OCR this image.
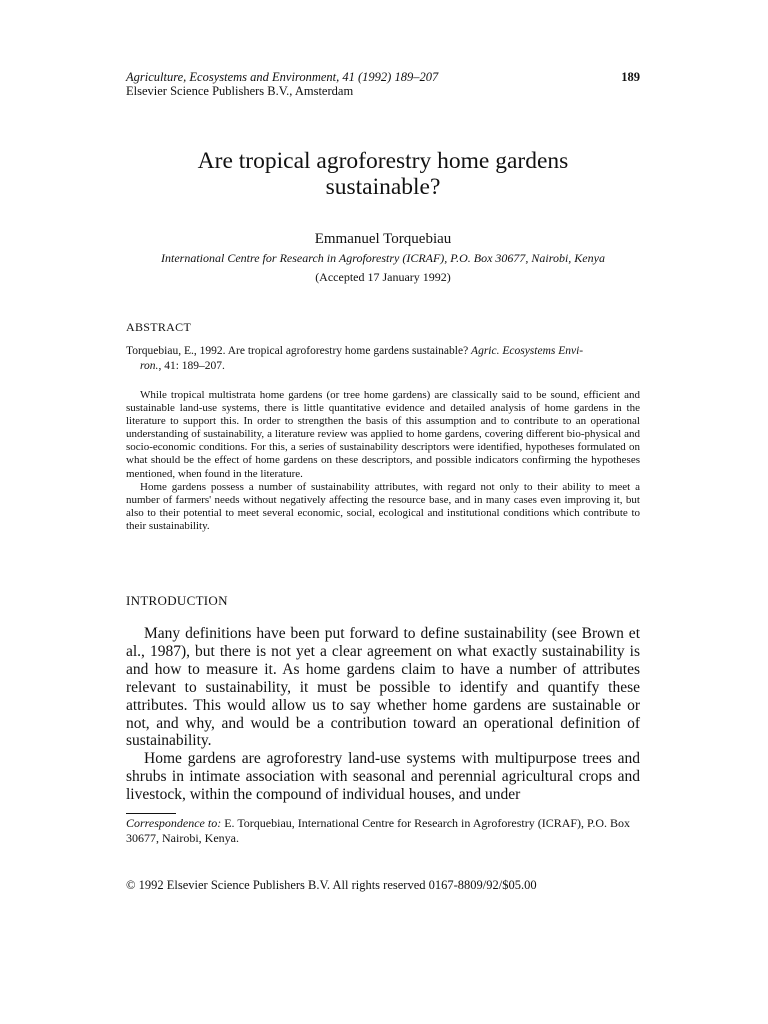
Agriculture, Ecosystems and Environment, 41 (1992) 189–207
Elsevier Science Publishers B.V., Amsterdam
189
Are tropical agroforestry home gardens
sustainable?
Emmanuel Torquebiau
International Centre for Research in Agroforestry (ICRAF), P.O. Box 30677, Nairobi, Kenya
(Accepted 17 January 1992)
ABSTRACT
Torquebiau, E., 1992. Are tropical agroforestry home gardens sustainable? Agric. Ecosystems Envi-
ron., 41: 189–207.

While tropical multistrata home gardens (or tree home gardens) are classically said to be sound, efficient and sustainable land-use systems, there is little quantitative evidence and detailed analysis of home gardens in the literature to support this. In order to strengthen the basis of this assumption and to contribute to an operational understanding of sustainability, a literature review was applied to home gardens, covering different bio-physical and socio-economic conditions. For this, a series of sustainability descriptors were identified, hypotheses formulated on what should be the effect of home gardens on these descriptors, and possible indicators confirming the hypotheses mentioned, when found in the literature.

Home gardens possess a number of sustainability attributes, with regard not only to their ability to meet a number of farmers' needs without negatively affecting the resource base, and in many cases even improving it, but also to their potential to meet several economic, social, ecological and institutional conditions which contribute to their sustainability.

INTRODUCTION

Many definitions have been put forward to define sustainability (see Brown et al., 1987), but there is not yet a clear agreement on what exactly sustainability is and how to measure it. As home gardens claim to have a number of attributes relevant to sustainability, it must be possible to identify and quantify these attributes. This would allow us to say whether home gardens are sustainable or not, and why, and would be a contribution toward an operational definition of sustainability.

Home gardens are agroforestry land-use systems with multipurpose trees and shrubs in intimate association with seasonal and perennial agricultural crops and livestock, within the compound of individual houses, and under

Correspondence to: E. Torquebiau, International Centre for Research in Agroforestry (ICRAF), P.O. Box 30677, Nairobi, Kenya.
© 1992 Elsevier Science Publishers B.V. All rights reserved 0167-8809/92/$05.00
